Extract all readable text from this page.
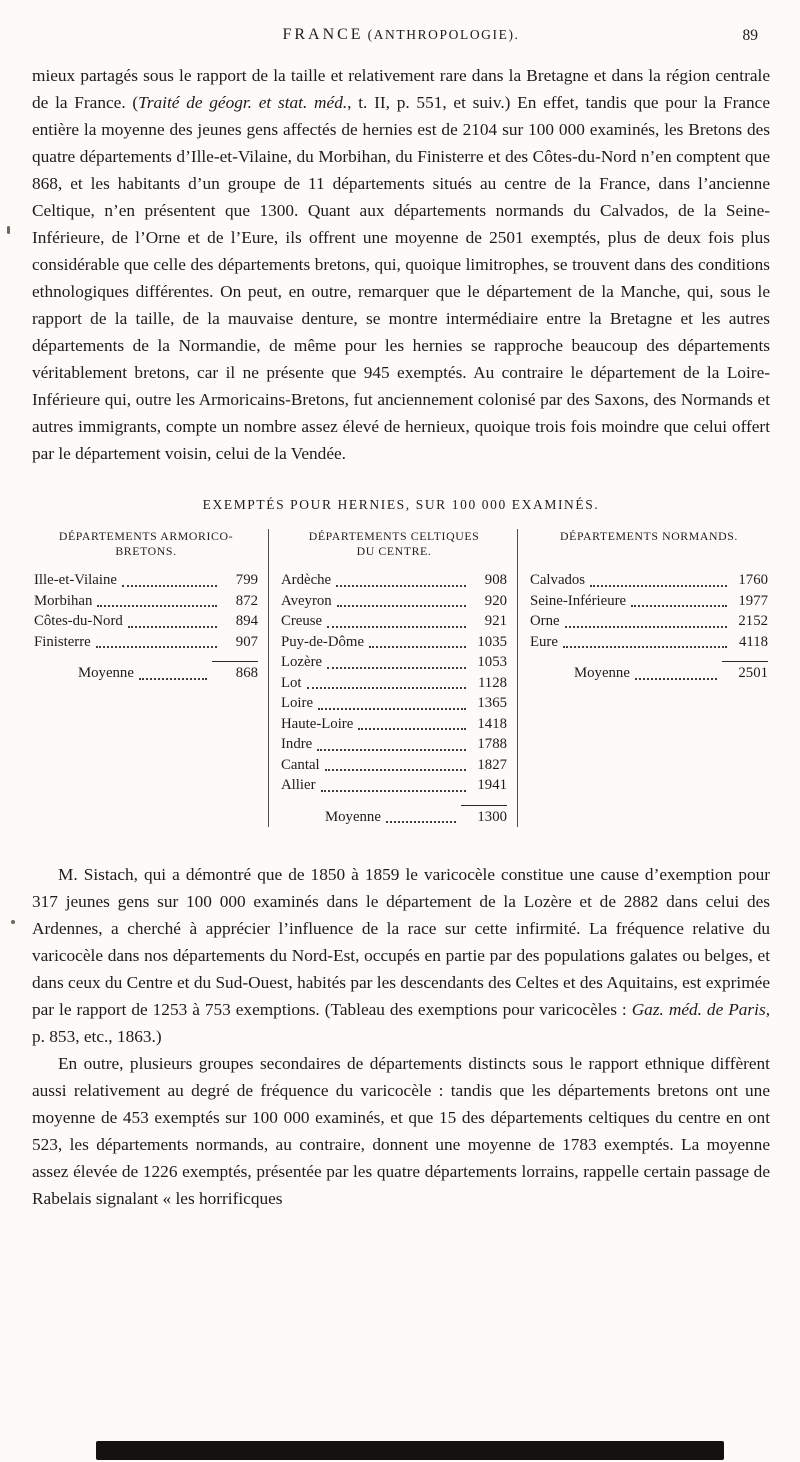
FRANCE (ANTHROPOLOGIE).	89

mieux partagés sous le rapport de la taille et relativement rare dans la Bretagne et dans la région centrale de la France. (Traité de géogr. et stat. méd., t. II, p. 551, et suiv.) En effet, tandis que pour la France entière la moyenne des jeunes gens affectés de hernies est de 2104 sur 100 000 examinés, les Bretons des quatre départements d’Ille-et-Vilaine, du Morbihan, du Finisterre et des Côtes-du-Nord n’en comptent que 868, et les habitants d’un groupe de 11 départements situés au centre de la France, dans l’ancienne Celtique, n’en présentent que 1300. Quant aux départements normands du Calvados, de la Seine-Inférieure, de l’Orne et de l’Eure, ils offrent une moyenne de 2501 exemptés, plus de deux fois plus considérable que celle des départements bretons, qui, quoique limitrophes, se trouvent dans des conditions ethnologiques différentes. On peut, en outre, remarquer que le département de la Manche, qui, sous le rapport de la taille, de la mauvaise denture, se montre intermédiaire entre la Bretagne et les autres départements de la Normandie, de même pour les hernies se rapproche beaucoup des départements véritablement bretons, car il ne présente que 945 exemptés. Au contraire le département de la Loire-Inférieure qui, outre les Armoricains-Bretons, fut anciennement colonisé par des Saxons, des Normands et autres immigrants, compte un nombre assez élevé de hernieux, quoique trois fois moindre que celui offert par le département voisin, celui de la Vendée.

EXEMPTÉS POUR HERNIES, SUR 100 000 EXAMINÉS.
DÉPARTEMENTS ARMORICO-
BRETONS.
Ille-et-Vilaine	799
Morbihan	872
Côtes-du-Nord	894
Finisterre	907
Moyenne	868
DÉPARTEMENTS CELTIQUES
DU CENTRE.
Ardèche	908
Aveyron	920
Creuse	921
Puy-de-Dôme	1035
Lozère	1053
Lot	1128
Loire	1365
Haute-Loire	1418
Indre	1788
Cantal	1827
Allier	1941
Moyenne	1300
DÉPARTEMENTS NORMANDS.
Calvados	1760
Seine-Inférieure	1977
Orne	2152
Eure	4118
Moyenne	2501

M. Sistach, qui a démontré que de 1850 à 1859 le varicocèle constitue une cause d’exemption pour 317 jeunes gens sur 100 000 examinés dans le département de la Lozère et de 2882 dans celui des Ardennes, a cherché à apprécier l’influence de la race sur cette infirmité. La fréquence relative du varicocèle dans nos départements du Nord-Est, occupés en partie par des populations galates ou belges, et dans ceux du Centre et du Sud-Ouest, habités par les descendants des Celtes et des Aquitains, est exprimée par le rapport de 1253 à 753 exemptions. (Tableau des exemptions pour varicocèles : Gaz. méd. de Paris, p. 853, etc., 1863.)

En outre, plusieurs groupes secondaires de départements distincts sous le rapport ethnique diffèrent aussi relativement au degré de fréquence du varicocèle : tandis que les départements bretons ont une moyenne de 453 exemptés sur 100 000 examinés, et que 15 des départements celtiques du centre en ont 523, les départements normands, au contraire, donnent une moyenne de 1783 exemptés. La moyenne assez élevée de 1226 exemptés, présentée par les quatre départements lorrains, rappelle certain passage de Rabelais signalant « les horrificques
